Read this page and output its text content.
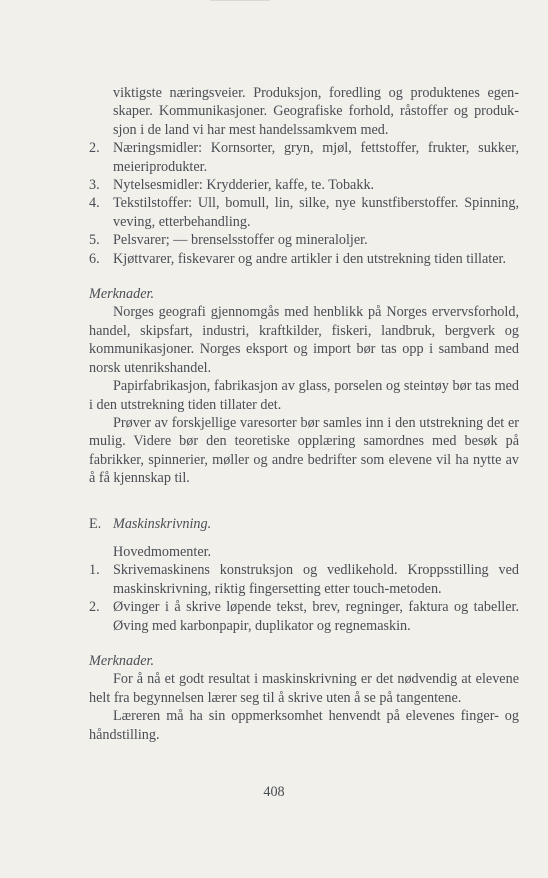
viktigste næringsveier. Produksjon, foredling og produktenes egen-
skaper. Kommunikasjoner. Geografiske forhold, råstoffer og produk-
sjon i de land vi har mest handelssamkvem med.
2. Næringsmidler: Kornsorter, gryn, mjøl, fettstoffer, frukter, sukker, meieriprodukter.
3. Nytelsesmidler: Krydderier, kaffe, te. Tobakk.
4. Tekstilstoffer: Ull, bomull, lin, silke, nye kunstfiberstoffer. Spinning, veving, etterbehandling.
5. Pelsvarer; — brenselsstoffer og mineraloljer.
6. Kjøttvarer, fiskevarer og andre artikler i den utstrekning tiden tillater.

Merknader.

Norges geografi gjennomgås med henblikk på Norges ervervsforhold, handel, skipsfart, industri, kraftkilder, fiskeri, landbruk, bergverk og kommunikasjoner. Norges eksport og import bør tas opp i samband med norsk utenrikshandel.

Papirfabrikasjon, fabrikasjon av glass, porselen og steintøy bør tas med i den utstrekning tiden tillater det.

Prøver av forskjellige varesorter bør samles inn i den utstrekning det er mulig. Videre bør den teoretiske opplæring samordnes med besøk på fabrikker, spinnerier, møller og andre bedrifter som elevene vil ha nytte av å få kjennskap til.

E. Maskinskrivning.

Hovedmomenter.

1. Skrivemaskinens konstruksjon og vedlikehold. Kroppsstilling ved maskinskrivning, riktig fingersetting etter touch-metoden.
2. Øvinger i å skrive løpende tekst, brev, regninger, faktura og tabeller. Øving med karbonpapir, duplikator og regnemaskin.

Merknader.

For å nå et godt resultat i maskinskrivning er det nødvendig at elevene helt fra begynnelsen lærer seg til å skrive uten å se på tangentene.

Læreren må ha sin oppmerksomhet henvendt på elevenes finger- og håndstilling.

408
